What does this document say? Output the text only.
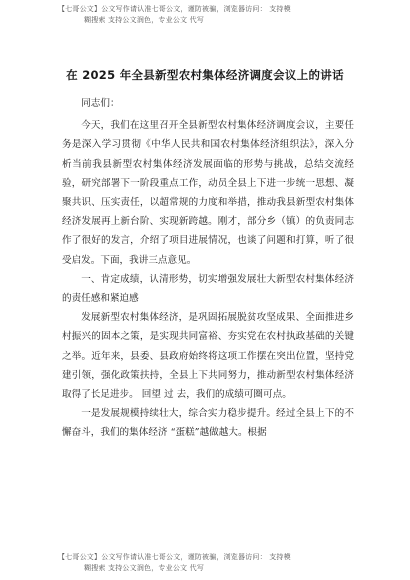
【七哥公文】公文写作请认准七哥公文，谨防被骗，浏览器访问： 支持模
糊搜索 支持公文润色，专业公文 代写
在 2025 年全县新型农村集体经济调度会议上的讲话

同志们：

今天，我们在这里召开全县新型农村集体经济调度会议，主要任务是深入学习贯彻《中华人民共和国农村集体经济组织法》，深入分析当前我县新型农村集体经济发展面临的形势与挑战，总结交流经验，研究部署下一阶段重点工作，动员全县上下进一步统一思想、凝聚共识、压实责任，以超常规的力度和举措，推动我县新型农村集体经济发展再上新台阶、实现新跨越。刚才，部分乡（镇）的负责同志作了很好的发言，介绍了项目进展情况，也谈了问题和打算，听了很受启发。下面，我讲三点意见。

一、肯定成绩，认清形势，切实增强发展壮大新型农村集体经济的责任感和紧迫感

发展新型农村集体经济，是巩固拓展脱贫攻坚成果、全面推进乡村振兴的固本之策，是实现共同富裕、夯实党在农村执政基础的关键之举。近年来，县委、县政府始终将这项工作摆在突出位置，坚持党建引领，强化政策扶持，全县上下共同努力，推动新型农村集体经济取得了长足进步。 回望 过 去，我们的成绩可圈可点。

一是发展规模持续壮大，综合实力稳步提升。经过全县上下的不懈奋斗，我们的集体经济 “蛋糕”越做越大。根据

【七哥公文】公文写作请认准七哥公文，谨防被骗，浏览器访问： 支持模
糊搜索 支持公文润色，专业公文 代写
